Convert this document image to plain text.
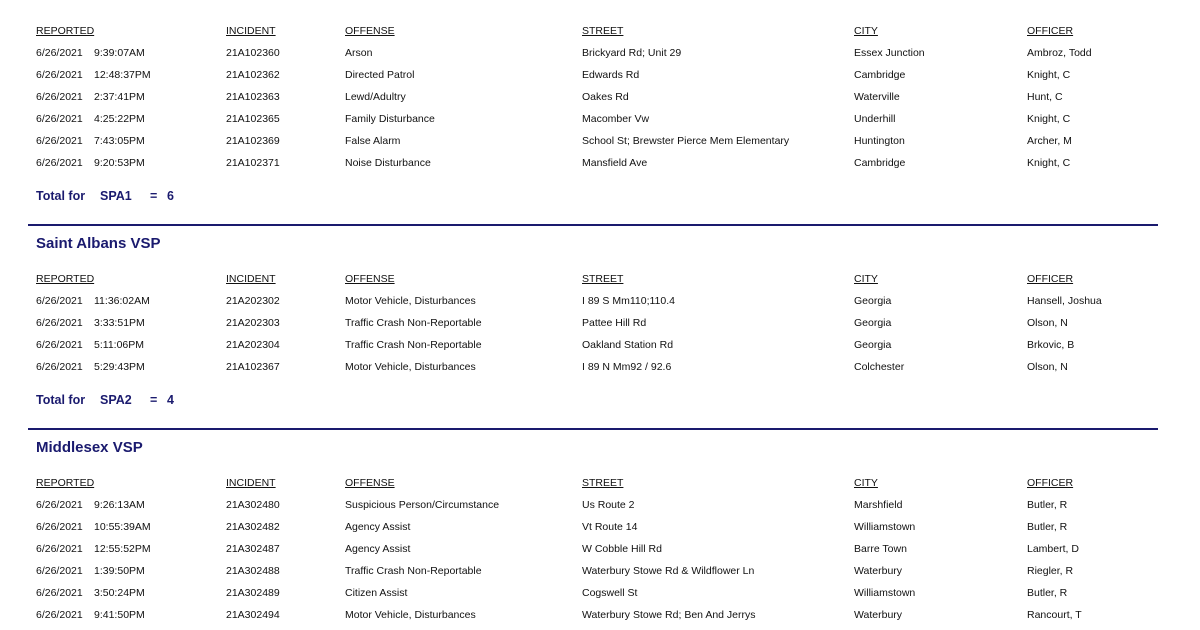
REPORTED	INCIDENT	OFFENSE	STREET	CITY	OFFICER
6/26/2021	9:39:07AM	21A102360	Arson	Brickyard Rd; Unit 29	Essex Junction	Ambroz, Todd
6/26/2021	12:48:37PM	21A102362	Directed Patrol	Edwards Rd	Cambridge	Knight, C
6/26/2021	2:37:41PM	21A102363	Lewd/Adultry	Oakes Rd	Waterville	Hunt, C
6/26/2021	4:25:22PM	21A102365	Family Disturbance	Macomber Vw	Underhill	Knight, C
6/26/2021	7:43:05PM	21A102369	False Alarm	School St; Brewster Pierce Mem Elementary	Huntington	Archer, M
6/26/2021	9:20:53PM	21A102371	Noise Disturbance	Mansfield Ave	Cambridge	Knight, C
Total for SPA1 = 6
Saint Albans VSP
REPORTED	INCIDENT	OFFENSE	STREET	CITY	OFFICER
6/26/2021	11:36:02AM	21A202302	Motor Vehicle, Disturbances	I 89 S Mm110;110.4	Georgia	Hansell, Joshua
6/26/2021	3:33:51PM	21A202303	Traffic Crash Non-Reportable	Pattee Hill Rd	Georgia	Olson, N
6/26/2021	5:11:06PM	21A202304	Traffic Crash Non-Reportable	Oakland Station Rd	Georgia	Brkovic, B
6/26/2021	5:29:43PM	21A102367	Motor Vehicle, Disturbances	I 89 N Mm92 / 92.6	Colchester	Olson, N
Total for SPA2 = 4
Middlesex VSP
REPORTED	INCIDENT	OFFENSE	STREET	CITY	OFFICER
6/26/2021	9:26:13AM	21A302480	Suspicious Person/Circumstance	Us Route 2	Marshfield	Butler, R
6/26/2021	10:55:39AM	21A302482	Agency Assist	Vt Route 14	Williamstown	Butler, R
6/26/2021	12:55:52PM	21A302487	Agency Assist	W Cobble Hill Rd	Barre Town	Lambert, D
6/26/2021	1:39:50PM	21A302488	Traffic Crash Non-Reportable	Waterbury Stowe Rd & Wildflower Ln	Waterbury	Riegler, R
6/26/2021	3:50:24PM	21A302489	Citizen Assist	Cogswell St	Williamstown	Butler, R
6/26/2021	9:41:50PM	21A302494	Motor Vehicle, Disturbances	Waterbury Stowe Rd; Ben And Jerrys	Waterbury	Rancourt, T
